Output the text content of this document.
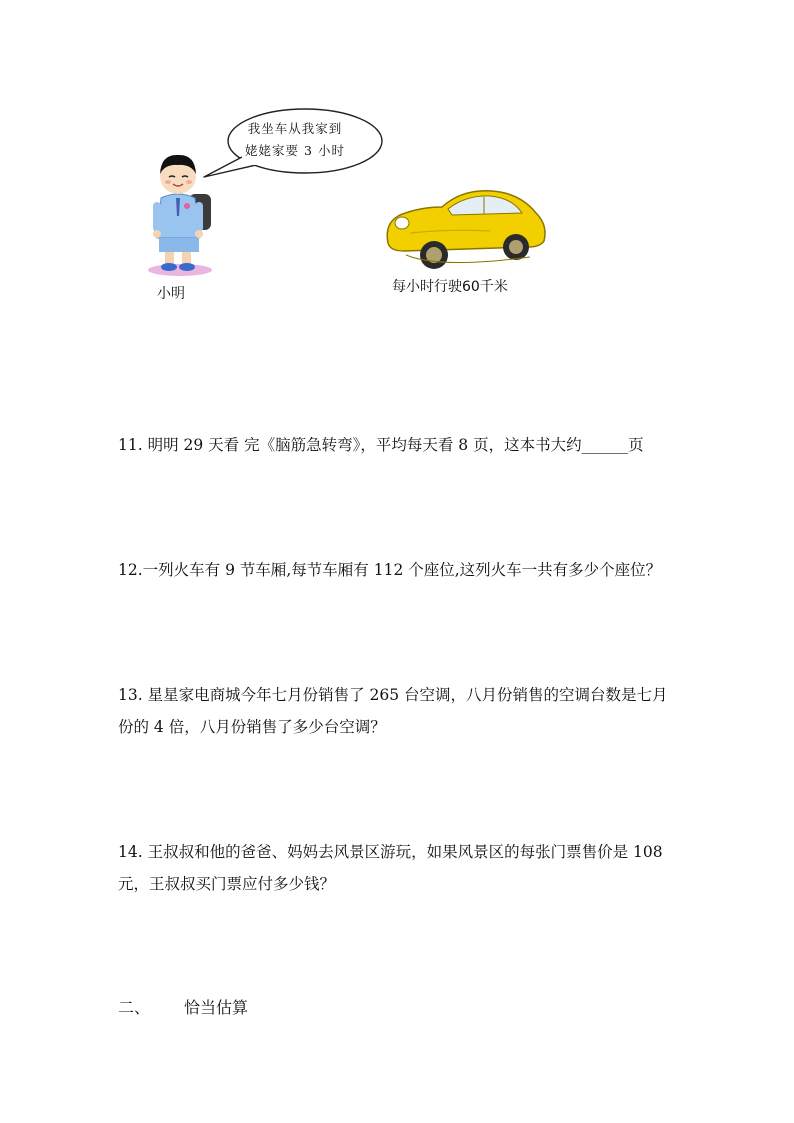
我坐车从我家到
姥姥家要 3 小时
小明	每小时行驶60千米
11. 明明 29 天看 完《脑筋急转弯》，平均每天看 8 页，这本书大约______页
12.一列火车有 9 节车厢,每节车厢有 112 个座位,这列火车一共有多少个座位？
13. 星星家电商城今年七月份销售了 265 台空调，八月份销售的空调台数是七月份的 4 倍，八月份销售了多少台空调？
14. 王叔叔和他的爸爸、妈妈去风景区游玩，如果风景区的每张门票售价是 108 元，王叔叔买门票应付多少钱？
二、 恰当估算
